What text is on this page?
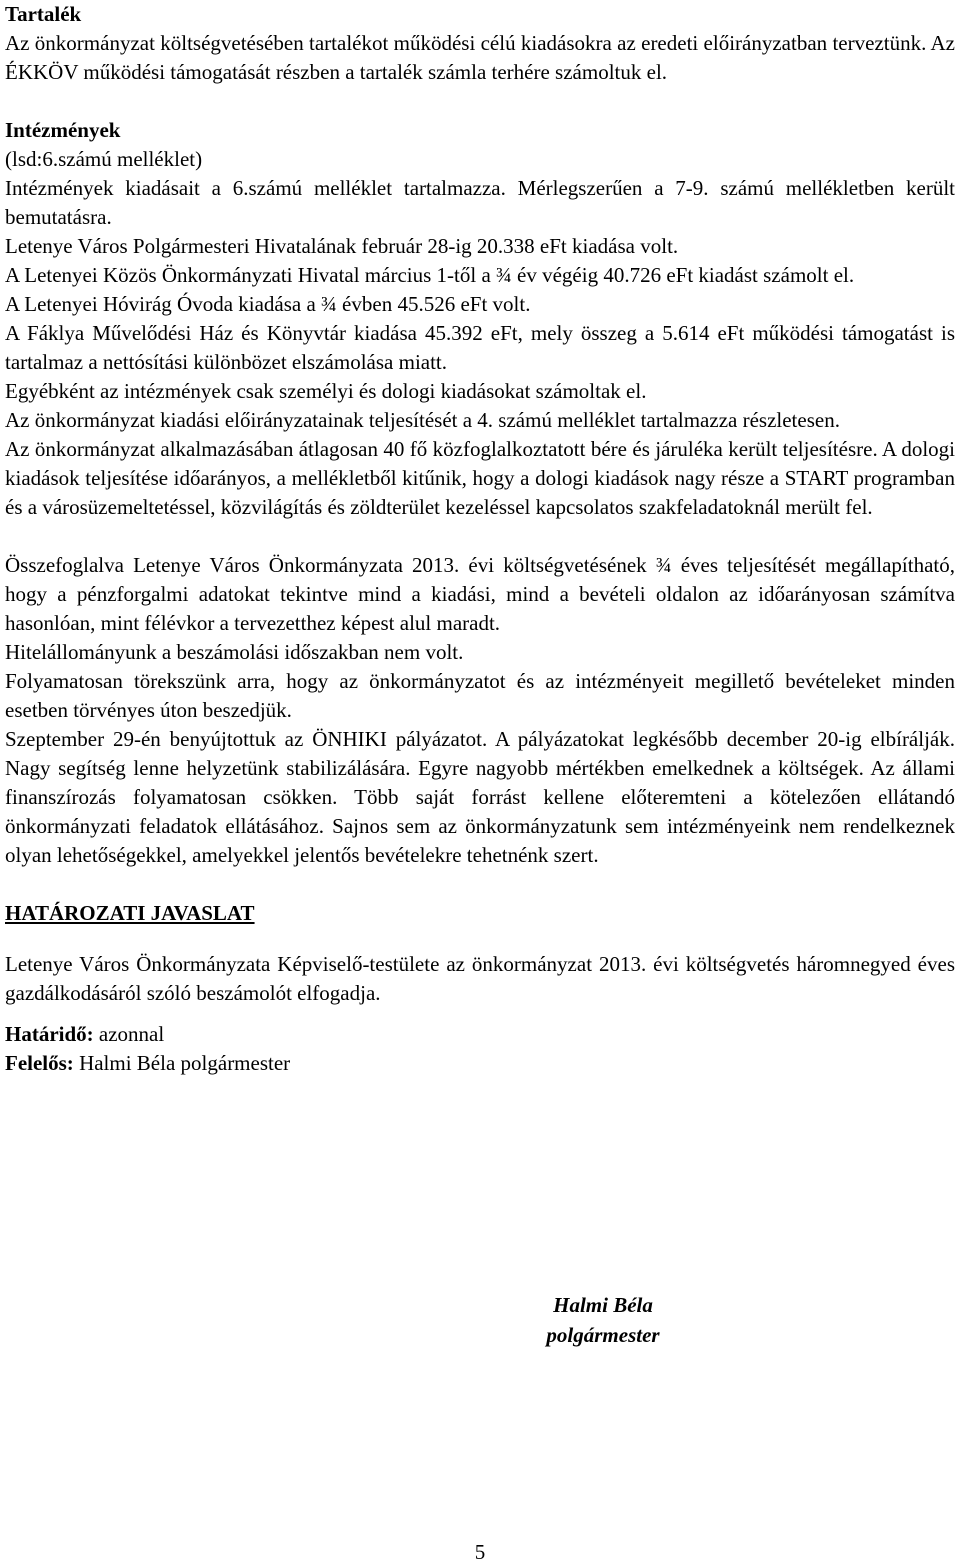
Tartalék

Az önkormányzat költségvetésében tartalékot működési célú kiadásokra az eredeti előirányzatban terveztünk. Az ÉKKÖV működési támogatását részben a tartalék számla terhére számoltuk el.

Intézmények

(lsd:6.számú melléklet)

Intézmények kiadásait a 6.számú melléklet tartalmazza. Mérlegszerűen a 7-9. számú mellékletben került bemutatásra.

Letenye Város Polgármesteri Hivatalának február 28-ig 20.338 eFt kiadása volt.

A Letenyei Közös Önkormányzati Hivatal március 1-től a ¾ év végéig 40.726 eFt kiadást számolt el.

A Letenyei Hóvirág Óvoda kiadása a ¾ évben 45.526 eFt volt.

A Fáklya Művelődési Ház és Könyvtár kiadása 45.392 eFt, mely összeg a 5.614 eFt működési támogatást is tartalmaz a nettósítási különbözet elszámolása miatt.

Egyébként az intézmények csak személyi és dologi kiadásokat számoltak el.

Az önkormányzat kiadási előirányzatainak teljesítését a 4. számú melléklet tartalmazza részletesen.

Az önkormányzat alkalmazásában átlagosan 40 fő közfoglalkoztatott bére és járuléka került teljesítésre. A dologi kiadások teljesítése időarányos, a mellékletből kitűnik, hogy a dologi kiadások nagy része a START programban és a városüzemeltetéssel, közvilágítás és zöldterület kezeléssel kapcsolatos szakfeladatoknál merült fel.

Összefoglalva Letenye Város Önkormányzata 2013. évi költségvetésének ¾ éves teljesítését megállapítható, hogy a pénzforgalmi adatokat tekintve mind a kiadási, mind a bevételi oldalon az időarányosan számítva hasonlóan, mint félévkor a tervezetthez képest alul maradt.

Hitelállományunk a beszámolási időszakban nem volt.

Folyamatosan törekszünk arra, hogy az önkormányzatot és az intézményeit megillető bevételeket minden esetben törvényes úton beszedjük.

Szeptember 29-én benyújtottuk az ÖNHIKI pályázatot. A pályázatokat legkésőbb december 20-ig elbírálják. Nagy segítség lenne helyzetünk stabilizálására. Egyre nagyobb mértékben emelkednek a költségek. Az állami finanszírozás folyamatosan csökken. Több saját forrást kellene előteremteni a kötelezően ellátandó önkormányzati feladatok ellátásához. Sajnos sem az önkormányzatunk sem intézményeink nem rendelkeznek olyan lehetőségekkel, amelyekkel jelentős bevételekre tehetnénk szert.

HATÁROZATI JAVASLAT

Letenye Város Önkormányzata Képviselő-testülete az önkormányzat 2013. évi költségvetés háromnegyed éves gazdálkodásáról szóló beszámolót elfogadja.

Határidő: azonnal

Felelős: Halmi Béla polgármester

Halmi Béla
polgármester
5
